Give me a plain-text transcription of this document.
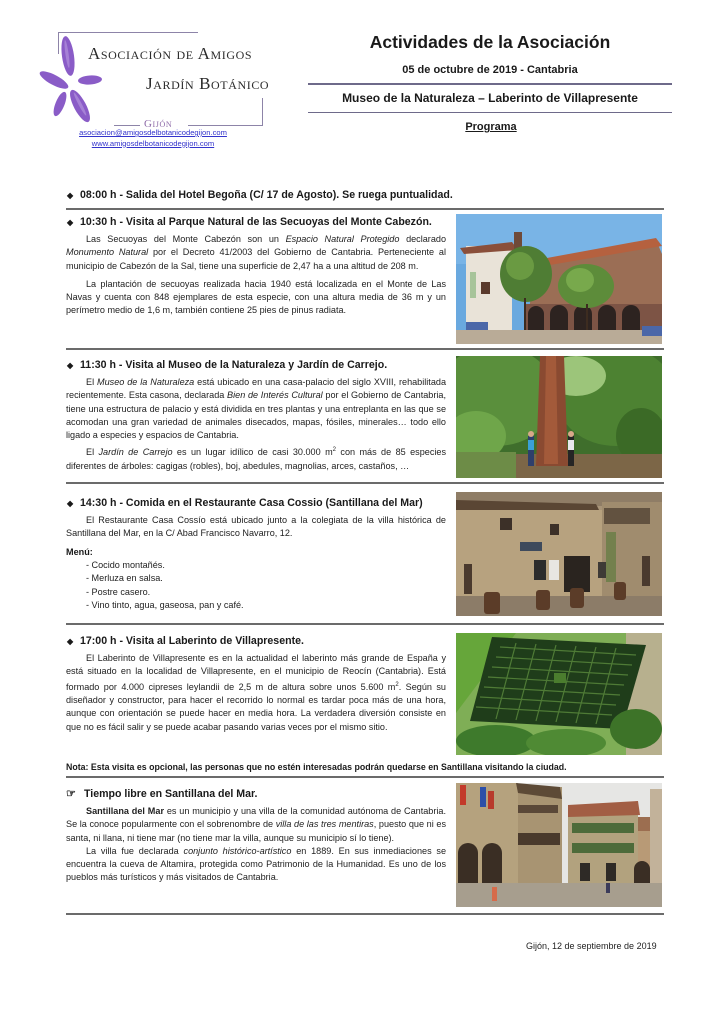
Asociación de Amigos
Jardín Botánico
Gijón
asociacion@amigosdelbotanicodegijon.com
www.amigosdelbotanicodegijon.com
Actividades de la Asociación
05 de octubre de 2019 - Cantabria
Museo de la Naturaleza – Laberinto de Villapresente
Programa
◆ 08:00 h - Salida del Hotel Begoña (C/ 17 de Agosto). Se ruega puntualidad.
◆ 10:30 h - Visita al Parque Natural de las Secuoyas del Monte Cabezón.

Las Secuoyas del Monte Cabezón son un Espacio Natural Protegido declarado Monumento Natural por el Decreto 41/2003 del Gobierno de Cantabria. Perteneciente al municipio de Cabezón de la Sal, tiene una superficie de 2,47 ha a una altitud de 208 m.

La plantación de secuoyas realizada hacia 1940 está localizada en el Monte de Las Navas y cuenta con 848 ejemplares de esta especie, con una altura media de 36 m y un perímetro medio de 1,6 m, también contiene 25 pies de pinus radiata.

◆ 11:30 h - Visita al Museo de la Naturaleza y Jardín de Carrejo.

El Museo de la Naturaleza está ubicado en una casa-palacio del siglo XVIII, rehabilitada recientemente. Esta casona, declarada Bien de Interés Cultural por el Gobierno de Cantabria, tiene una estructura de palacio y está dividida en tres plantas y una entreplanta en las que se acomodan una gran variedad de animales disecados, mapas, fósiles, minerales… todo ello ligado a especies y espacios de Cantabria.

El Jardín de Carrejo es un lugar idílico de casi 30.000 $m^2$ con más de 85 especies diferentes de árboles: cagigas (robles), boj, abedules, magnolias, arces, castaños, …

◆ 14:30 h - Comida en el Restaurante Casa Cossio (Santillana del Mar)

El Restaurante Casa Cossío está ubicado junto a la colegiata de la villa histórica de Santillana del Mar, en la C/ Abad Francisco Navarro, 12.

Menú:
- Cocido montañés.
- Merluza en salsa.
- Postre casero.
- Vino tinto, agua, gaseosa, pan y café.
◆ 17:00 h - Visita al Laberinto de Villapresente.

El Laberinto de Villapresente es en la actualidad el laberinto más grande de España y está situado en la localidad de Villapresente, en el municipio de Reocín (Cantabria). Está formado por 4.000 cipreses leylandii de 2,5 m de altura sobre unos 5.600 $m^2$. Según su diseñador y constructor, para hacer el recorrido lo normal es tardar poca más de una hora, aunque con orientación se puede hacer en media hora. La verdadera diversión consiste en que no es fácil salir y se puede acabar pasando varias veces por el mismo sitio.

Nota: Esta visita es opcional, las personas que no estén interesadas podrán quedarse en Santillana visitando la ciudad.
☞ Tiempo libre en Santillana del Mar.

Santillana del Mar es un municipio y una villa de la comunidad autónoma de Cantabria. Se la conoce popularmente con el sobrenombre de villa de las tres mentiras, puesto que ni es santa, ni llana, ni tiene mar (no tiene mar la villa, aunque su municipio sí lo tiene).

La villa fue declarada conjunto histórico-artístico en 1889. En sus inmediaciones se encuentra la cueva de Altamira, protegida como Patrimonio de la Humanidad. Es uno de los pueblos más turísticos y más visitados de Cantabria.

Gijón, 12 de septiembre de 2019
